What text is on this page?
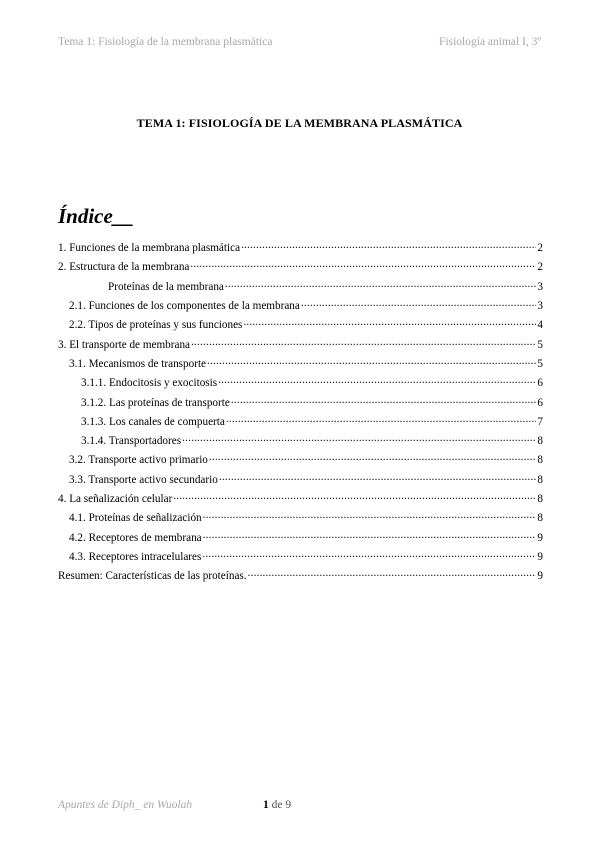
Tema 1: Fisiología de la membrana plasmática	Fisiología animal I, 3º
TEMA 1: FISIOLOGÍA DE LA MEMBRANA PLASMÁTICA
Índice__
1. Funciones de la membrana plasmática .....	2
2. Estructura de la membrana .....	2
Proteínas de la membrana .....	3
2.1. Funciones de los componentes de la membrana .....	3
2.2. Tipos de proteínas y sus funciones .....	4
3. El transporte de membrana .....	5
3.1. Mecanismos de transporte .....	5
3.1.1. Endocitosis y exocitosis .....	6
3.1.2. Las proteínas de transporte .....	6
3.1.3. Los canales de compuerta .....	7
3.1.4. Transportadores .....	8
3.2. Transporte activo primario .....	8
3.3. Transporte activo secundario .....	8
4. La señalización celular .....	8
4.1. Proteínas de señalización .....	8
4.2. Receptores de membrana .....	9
4.3. Receptores intracelulares .....	9
Resumen: Características de las proteínas. .....	9
Apuntes de Diph_ en Wuolah	1 de 9
